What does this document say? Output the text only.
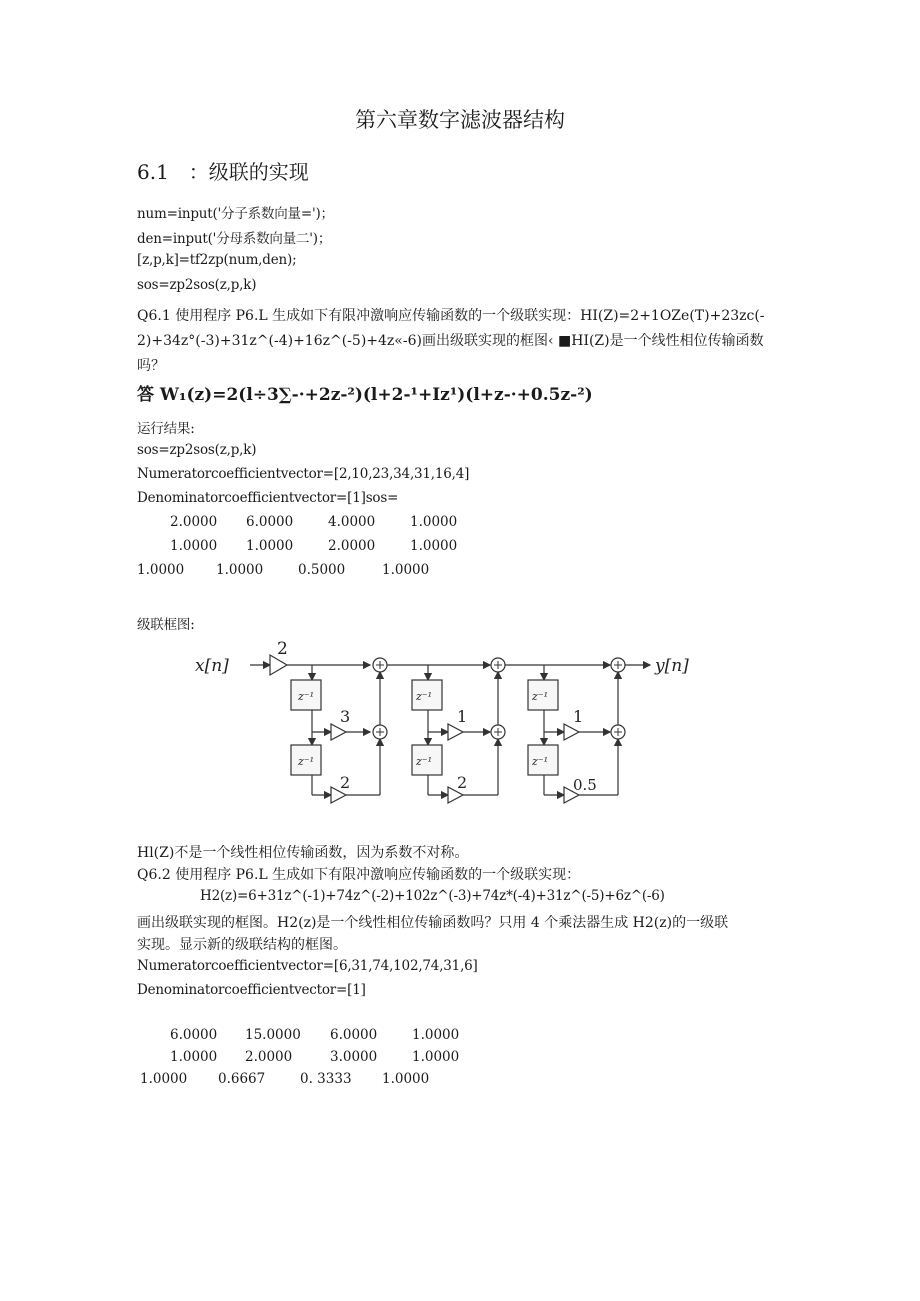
第六章数字滤波器结构
6.1　：级联的实现
num=input('分子系数向量=')；
den=input('分母系数向量二')；
[z,p,k]=tf2zp(num,den);
sos=zp2sos(z,p,k)
Q6.1 使用程序 P6.L 生成如下有限冲激响应传输函数的一个级联实现：HI(Z)=2+1OZe(T)+23zc(-
2)+34z°(-3)+31z^(-4)+16z^(-5)+4z«-6)画出级联实现的框图‹ ■HI(Z)是一个线性相位传输函数
吗？
答 W₁(z)=2(l÷3∑-·+2z-²)(l+2-¹+Iz¹)(l+z-·+0.5z-²)
运行结果:
sos=zp2sos(z,p,k)
Numeratorcoefficientvector=[2,10,23,34,31,16,4]
Denominatorcoefficientvector=[1]sos=
2.0000 6.0000	4.0000	1.0000
1.0000 1.0000	2.0000	1.0000
1.0000 1.0000	0.5000	1.0000
级联框图:
x[n]	y[n]
2
z⁻¹
z⁻¹
z⁻¹
z⁻¹
z⁻¹
z⁻¹
3
2
1
2
1
0.5
Hl(Z)不是一个线性相位传输函数，因为系数不对称。
Q6.2 使用程序 P6.L 生成如下有限冲激响应传输函数的一个级联实现：
H2(z)=6+31z^(-1)+74z^(-2)+102z^(-3)+74z*(-4)+31z^(-5)+6z^(-6)
画出级联实现的框图。H2(z)是一个线性相位传输函数吗？只用 4 个乘法器生成 H2(z)的一级联
实现。显示新的级联结构的框图。
Numeratorcoefficientvector=[6,31,74,102,74,31,6]
Denominatorcoefficientvector=[1]
6.0000 15.0000 6.0000	1.0000
1.0000 2.0000	3.0000	1.0000
1.0000 0.6667	0. 3333 1.0000
